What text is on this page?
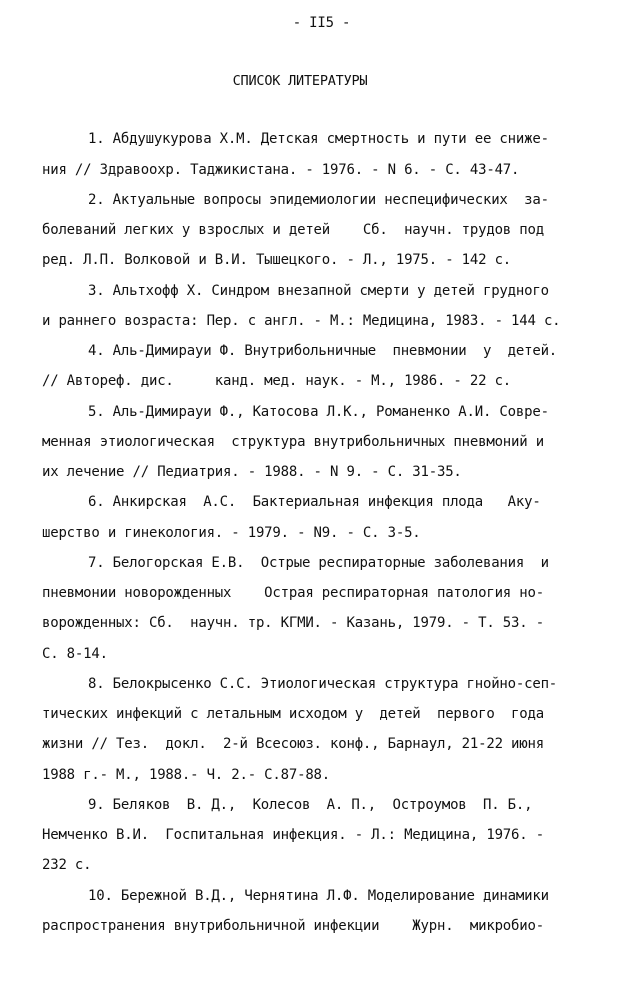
- II5 -
СПИСОК ЛИТЕРАТУРЫ
1. Абдушукурова Х.М. Детская смертность и пути ее сниже-
ния // Здравоохр. Таджикистана. - 1976. - N 6. - С. 43-47.
2. Актуальные вопросы эпидемиологии неспецифических  за-
болеваний легких у взрослых и детей    Сб.  научн. трудов под
ред. Л.П. Волковой и В.И. Тышецкого. - Л., 1975. - 142 с.
3. Альтхофф Х. Синдром внезапной смерти у детей грудного
и раннего возраста: Пер. с англ. - М.: Медицина, 1983. - 144 с.
4. Аль-Димирауи Ф. Внутрибольничные  пневмонии  у  детей.
// Автореф. дис.     канд. мед. наук. - М., 1986. - 22 с.
5. Аль-Димирауи Ф., Катосова Л.К., Романенко А.И. Совре-
менная этиологическая  структура внутрибольничных пневмоний и
их лечение // Педиатрия. - 1988. - N 9. - С. 31-35.
6. Анкирская  А.С.  Бактериальная инфекция плода   Аку-
шерство и гинекология. - 1979. - N9. - С. 3-5.
7. Белогорская Е.В.  Острые респираторные заболевания  и
пневмонии новорожденных    Острая респираторная патология но-
ворожденных: Сб.  научн. тр. КГМИ. - Казань, 1979. - Т. 53. -
С. 8-14.
8. Белокрысенко С.С. Этиологическая структура гнойно-сеп-
тических инфекций с летальным исходом у  детей  первого  года
жизни // Тез.  докл.  2-й Всесоюз. конф., Барнаул, 21-22 июня
1988 г.- М., 1988.- Ч. 2.- С.87-88.
9. Беляков  В. Д.,  Колесов  А. П.,  Остроумов  П. Б.,
Немченко В.И.  Госпитальная инфекция. - Л.: Медицина, 1976. -
232 с.
10. Бережной В.Д., Чернятина Л.Ф. Моделирование динамики
распространения внутрибольничной инфекции    Журн.  микробио-
